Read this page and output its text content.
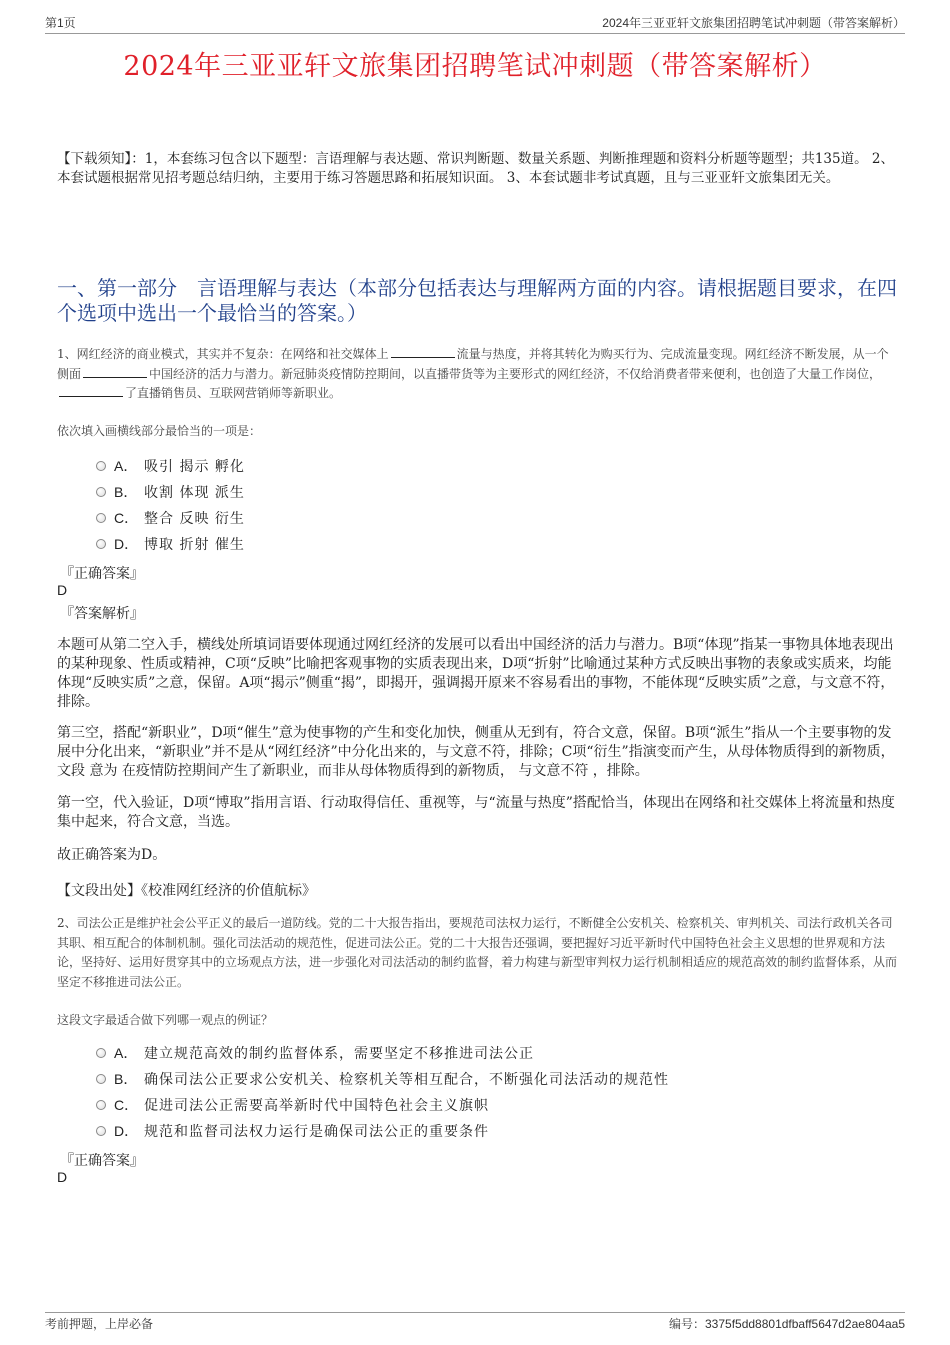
第1页	2024年三亚亚轩文旅集团招聘笔试冲刺题（带答案解析）
2024年三亚亚轩文旅集团招聘笔试冲刺题（带答案解析）
【下载须知】：1，本套练习包含以下题型：言语理解与表达题、常识判断题、数量关系题、判断推理题和资料分析题等题型；共135道。 2、本套试题根据常见招考题总结归纳，主要用于练习答题思路和拓展知识面。 3、本套试题非考试真题，且与三亚亚轩文旅集团无关。
一、第一部分　言语理解与表达（本部分包括表达与理解两方面的内容。请根据题目要求，在四个选项中选出一个最恰当的答案。）
1、网红经济的商业模式，其实并不复杂：在网络和社交媒体上	流量与热度，并将其转化为购买行为、完成流量变现。网红经济不断发展，从一个侧面	中国经济的活力与潜力。新冠肺炎疫情防控期间，以直播带货等为主要形式的网红经济，不仅给消费者带来便利，也创造了大量工作岗位，了直播销售员、互联网营销师等新职业。
依次填入画横线部分最恰当的一项是：
A． 吸引 揭示 孵化
B． 收割 体现 派生
C． 整合 反映 衍生
D． 博取 折射 催生
『正确答案』
D
『答案解析』
本题可从第二空入手，横线处所填词语要体现通过网红经济的发展可以看出中国经济的活力与潜力。B项“体现”指某一事物具体地表现出的某种现象、性质或精神，C项“反映”比喻把客观事物的实质表现出来，D项“折射”比喻通过某种方式反映出事物的表象或实质来，均能体现“反映实质”之意，保留。A项“揭示”侧重“揭”，即揭开，强调揭开原来不容易看出的事物，不能体现“反映实质”之意，与文意不符，排除。
第三空，搭配“新职业”，D项“催生”意为使事物的产生和变化加快，侧重从无到有，符合文意，保留。B项“派生”指从一个主要事物的发展中分化出来，“新职业”并不是从“网红经济”中分化出来的，与文意不符，排除；C项“衍生”指演变而产生，从母体物质得到的新物质，文段 意为 在疫情防控期间产生了新职业，而非从母体物质得到的新物质， 与文意不符 ，排除。
第一空，代入验证，D项“博取”指用言语、行动取得信任、重视等，与“流量与热度”搭配恰当，体现出在网络和社交媒体上将流量和热度集中起来，符合文意，当选。
故正确答案为D。
【文段出处】《校准网红经济的价值航标》
2、司法公正是维护社会公平正义的最后一道防线。党的二十大报告指出，要规范司法权力运行，不断健全公安机关、检察机关、审判机关、司法行政机关各司其职、相互配合的体制机制。强化司法活动的规范性，促进司法公正。党的二十大报告还强调，要把握好习近平新时代中国特色社会主义思想的世界观和方法论，坚持好、运用好贯穿其中的立场观点方法，进一步强化对司法活动的制约监督，着力构建与新型审判权力运行机制相适应的规范高效的制约监督体系，从而坚定不移推进司法公正。
这段文字最适合做下列哪一观点的例证？
A． 建立规范高效的制约监督体系，需要坚定不移推进司法公正
B． 确保司法公正要求公安机关、检察机关等相互配合，不断强化司法活动的规范性
C． 促进司法公正需要高举新时代中国特色社会主义旗帜
D． 规范和监督司法权力运行是确保司法公正的重要条件
『正确答案』
D
考前押题，上岸必备	编号：3375f5dd8801dfbaff5647d2ae804aa5
